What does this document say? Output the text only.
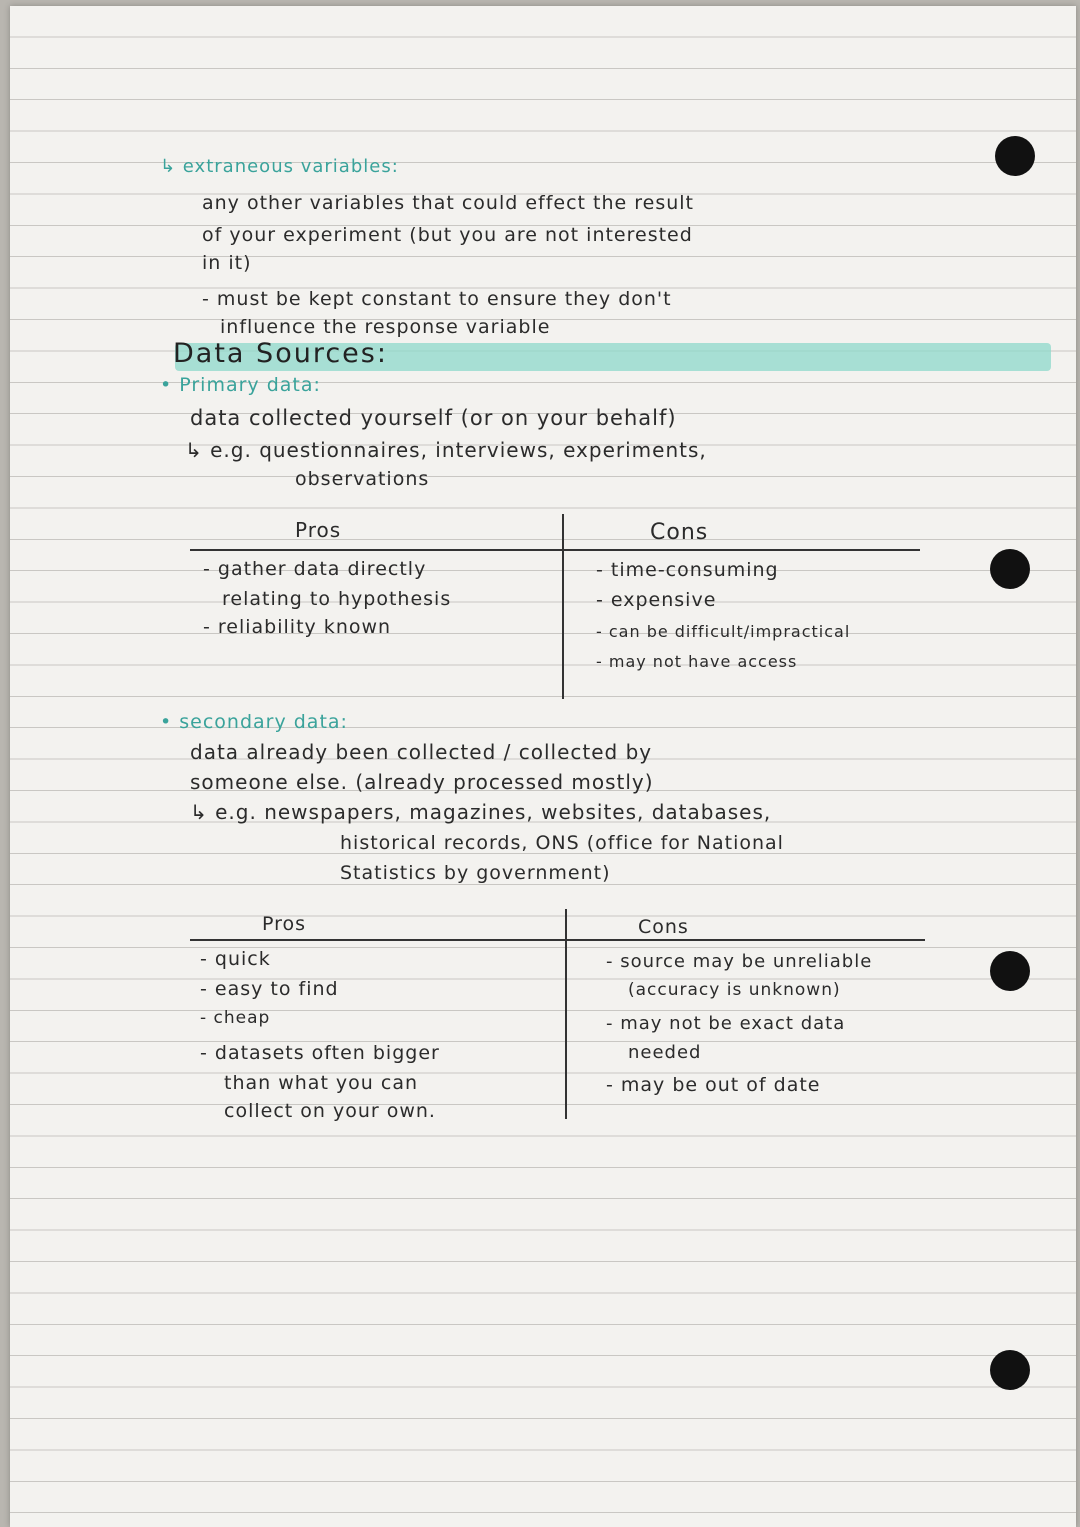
↳ extraneous variables:
any other variables that could effect the result
of your experiment (but you are not interested
in it)
- must be kept constant to ensure they don't
influence the response variable
Data Sources:
• Primary data:
data collected yourself (or on your behalf)
↳ e.g. questionnaires, interviews, experiments,
observations
Pros	Cons
- gather data directly
relating to hypothesis
- reliability known
- time-consuming
- expensive
- can be difficult/impractical
- may not have access
• secondary data:
data already been collected / collected by
someone else. (already processed mostly)
↳ e.g. newspapers, magazines, websites, databases,
historical records, ONS (office for National
Statistics by government)
Pros	Cons
- quick
- easy to find
- cheap
- datasets often bigger
than what you can
collect on your own.
- source may be unreliable
(accuracy is unknown)
- may not be exact data
needed
- may be out of date
